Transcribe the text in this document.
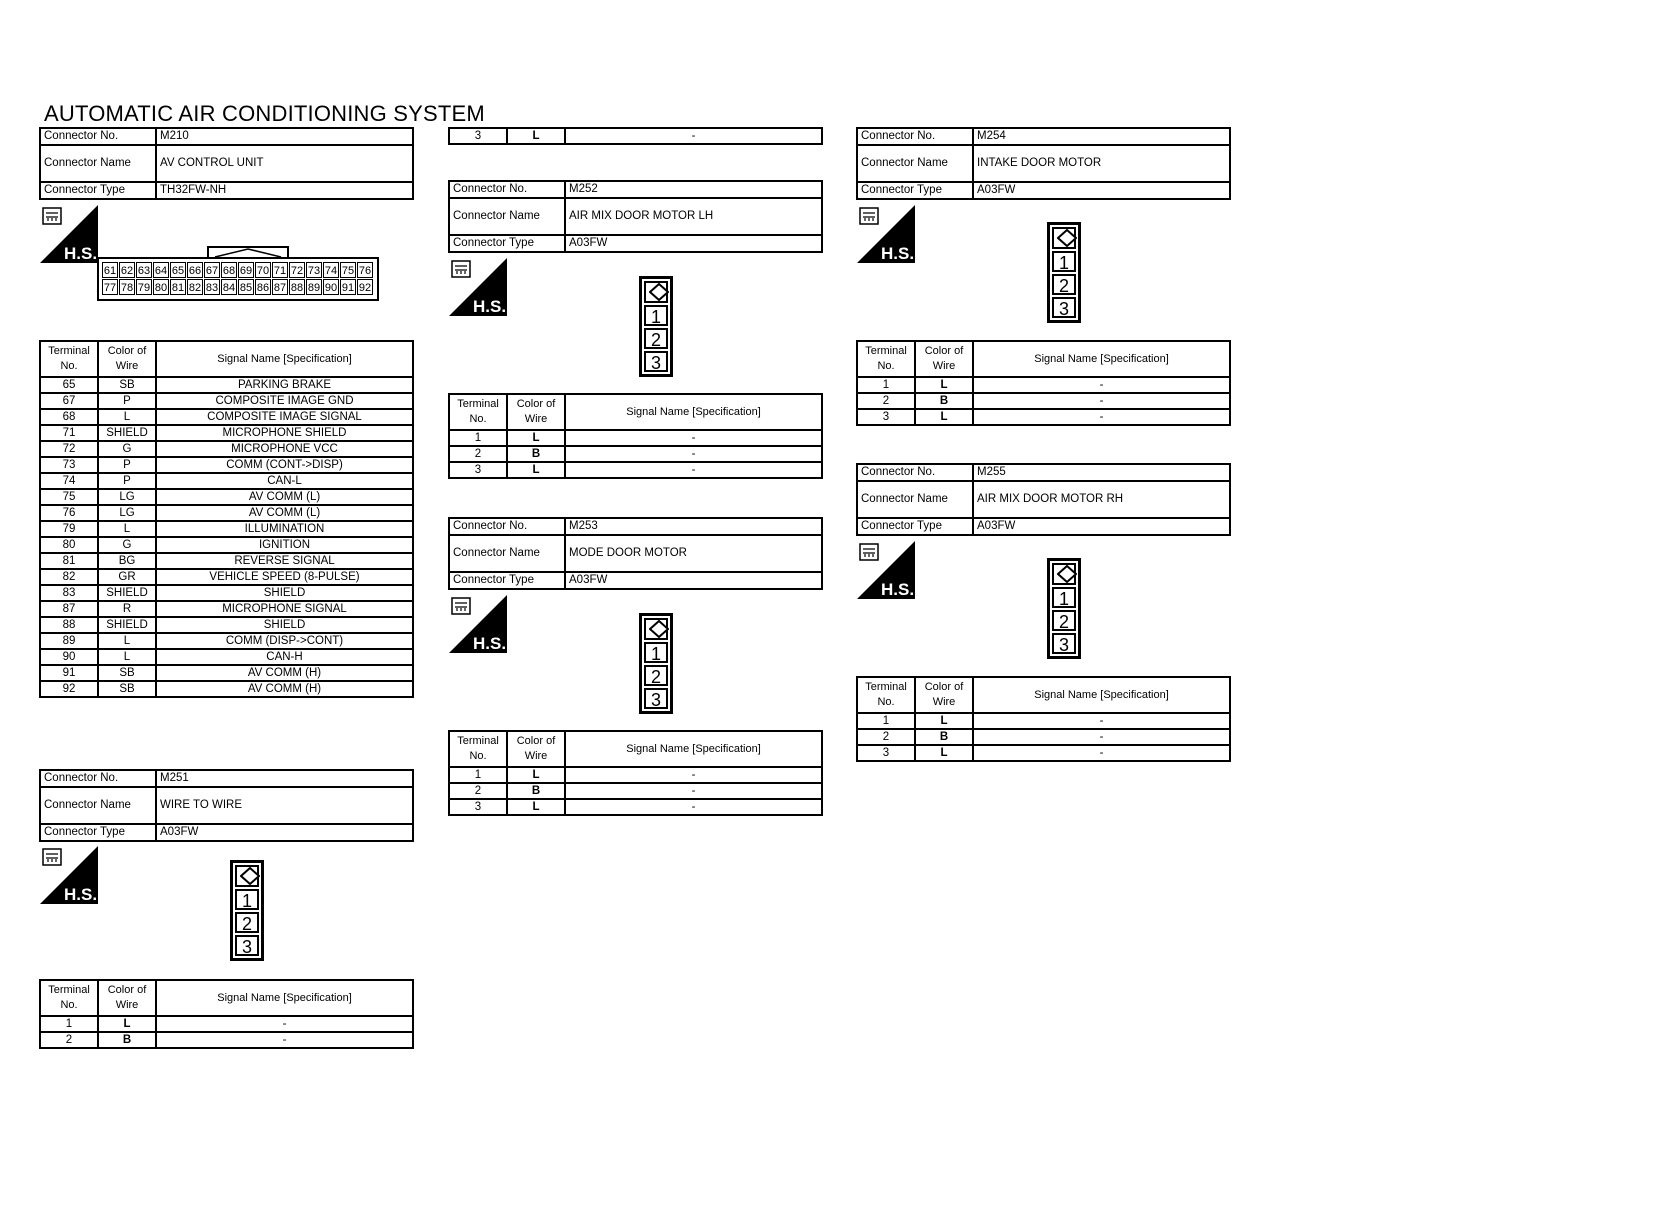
AUTOMATIC AIR CONDITIONING SYSTEM
Connector No.	M210
Connector Name	AV CONTROL UNIT
Connector Type	TH32FW-NH
H.S.
61 62 63 64 65 66 67 68 69 70 71 72 73 74 75 76
77 78 79 80 81 82 83 84 85 86 87 88 89 90 91 92
Terminal No.	Color of Wire	Signal Name [Specification]
65	SB	PARKING BRAKE
67	P	COMPOSITE IMAGE GND
68	L	COMPOSITE IMAGE SIGNAL
71	SHIELD	MICROPHONE SHIELD
72	G	MICROPHONE VCC
73	P	COMM (CONT->DISP)
74	P	CAN-L
75	LG	AV COMM (L)
76	LG	AV COMM (L)
79	L	ILLUMINATION
80	G	IGNITION
81	BG	REVERSE SIGNAL
82	GR	VEHICLE SPEED (8-PULSE)
83	SHIELD	SHIELD
87	R	MICROPHONE SIGNAL
88	SHIELD	SHIELD
89	L	COMM (DISP->CONT)
90	L	CAN-H
91	SB	AV COMM (H)
92	SB	AV COMM (H)
Connector No.	M251
Connector Name	WIRE TO WIRE
Connector Type	A03FW
H.S.	1
2
3
Terminal No.	Color of Wire	Signal Name [Specification]
1	L	-
2	B	-
3	L	-
Connector No.	M252
Connector Name	AIR MIX DOOR MOTOR LH
Connector Type	A03FW
H.S.
1
2
3
Terminal No.	Color of Wire	Signal Name [Specification]
1	L	-
2	B	-
3	L	-
Connector No.	M253
Connector Name	MODE DOOR MOTOR
Connector Type	A03FW
H.S.
1
2
3
Terminal No.	Color of Wire	Signal Name [Specification]
1	L	-
2	B	-
3	L	-
Connector No.	M254
Connector Name	INTAKE DOOR MOTOR
Connector Type	A03FW
H.S.	1
2
3
Terminal No.	Color of Wire	Signal Name [Specification]
1	L	-
2	B	-
3	L	-
Connector No.	M255
Connector Name	AIR MIX DOOR MOTOR RH
Connector Type	A03FW
H.S.	1
2
3
Terminal No.	Color of Wire	Signal Name [Specification]
1	L	-
2	B	-
3	L	-
